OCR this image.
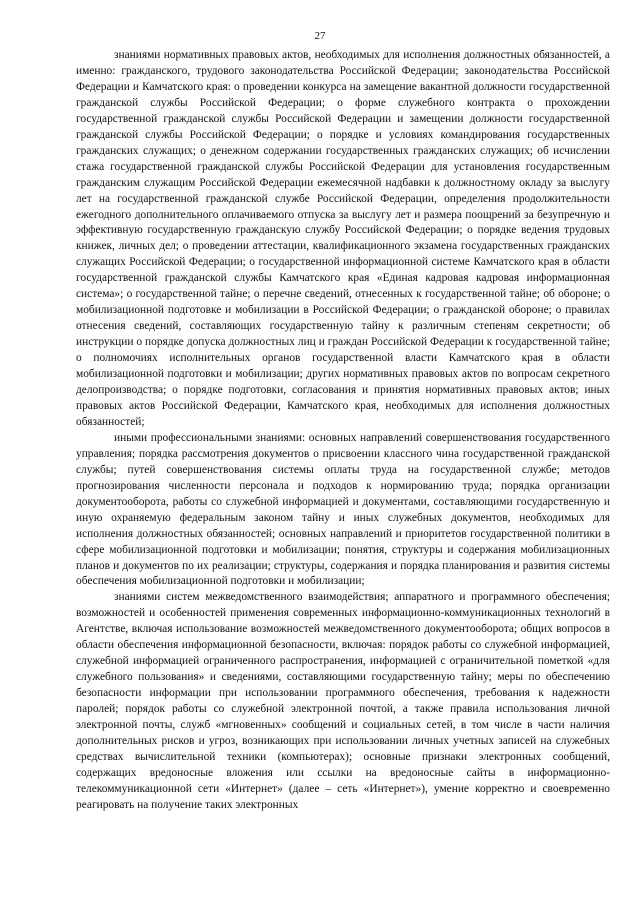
27

знаниями нормативных правовых актов, необходимых для исполнения должностных обязанностей, а именно: гражданского, трудового законодательства Российской Федерации; законодательства Российской Федерации и Камчатского края: о проведении конкурса на замещение вакантной должности государственной гражданской службы Российской Федерации; о форме служебного контракта о прохождении государственной гражданской службы Российской Федерации и замещении должности государственной гражданской службы Российской Федерации; о порядке и условиях командирования государственных гражданских служащих; о денежном содержании государственных гражданских служащих; об исчислении стажа государственной гражданской службы Российской Федерации для установления государственным гражданским служащим Российской Федерации ежемесячной надбавки к должностному окладу за выслугу лет на государственной гражданской службе Российской Федерации, определения продолжительности ежегодного дополнительного оплачиваемого отпуска за выслугу лет и размера поощрений за безупречную и эффективную государственную гражданскую службу Российской Федерации; о порядке ведения трудовых книжек, личных дел; о проведении аттестации, квалификационного экзамена государственных гражданских служащих Российской Федерации; о государственной информационной системе Камчатского края в области государственной гражданской службы Камчатского края «Единая кадровая кадровая информационная система»; о государственной тайне; о перечне сведений, отнесенных к государственной тайне; об обороне; о мобилизационной подготовке и мобилизации в Российской Федерации; о гражданской обороне; о правилах отнесения сведений, составляющих государственную тайну к различным степеням секретности; об инструкции о порядке допуска должностных лиц и граждан Российской Федерации к государственной тайне; о полномочиях исполнительных органов государственной власти Камчатского края в области мобилизационной подготовки и мобилизации; других нормативных правовых актов по вопросам секретного делопроизводства; о порядке подготовки, согласования и принятия нормативных правовых актов; иных правовых актов Российской Федерации, Камчатского края, необходимых для исполнения должностных обязанностей;

иными профессиональными знаниями: основных направлений совершенствования государственного управления; порядка рассмотрения документов о присвоении классного чина государственной гражданской службы; путей совершенствования системы оплаты труда на государственной службе; методов прогнозирования численности персонала и подходов к нормированию труда; порядка организации документооборота, работы со служебной информацией и документами, составляющими государственную и иную охраняемую федеральным законом тайну и иных служебных документов, необходимых для исполнения должностных обязанностей; основных направлений и приоритетов государственной политики в сфере мобилизационной подготовки и мобилизации; понятия, структуры и содержания мобилизационных планов и документов по их реализации; структуры, содержания и порядка планирования и развития системы обеспечения мобилизационной подготовки и мобилизации;

знаниями систем межведомственного взаимодействия; аппаратного и программного обеспечения; возможностей и особенностей применения современных информационно-коммуникационных технологий в Агентстве, включая использование возможностей межведомственного документооборота; общих вопросов в области обеспечения информационной безопасности, включая: порядок работы со служебной информацией, служебной информацией ограниченного распространения, информацией с ограничительной пометкой «для служебного пользования» и сведениями, составляющими государственную тайну; меры по обеспечению безопасности информации при использовании программного обеспечения, требования к надежности паролей; порядок работы со служебной электронной почтой, а также правила использования личной электронной почты, служб «мгновенных» сообщений и социальных сетей, в том числе в части наличия дополнительных рисков и угроз, возникающих при использовании личных учетных записей на служебных средствах вычислительной техники (компьютерах); основные признаки электронных сообщений, содержащих вредоносные вложения или ссылки на вредоносные сайты в информационно-телекоммуникационной сети «Интернет» (далее – сеть «Интернет»), умение корректно и своевременно реагировать на получение таких электронных
